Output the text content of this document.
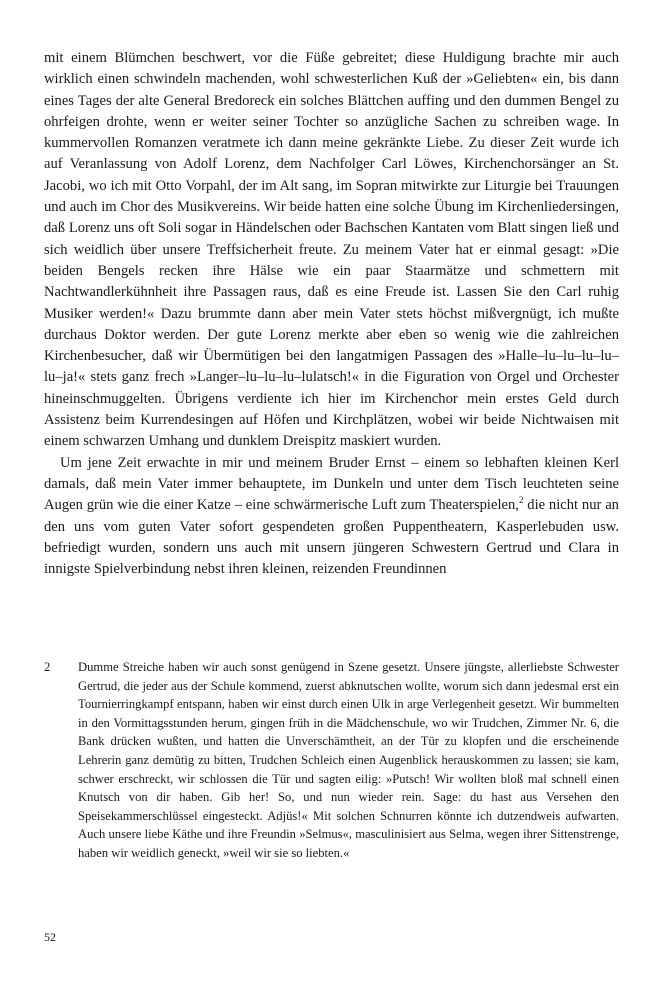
mit einem Blümchen beschwert, vor die Füße gebreitet; diese Huldigung brachte mir auch wirklich einen schwindeln machenden, wohl schwesterlichen Kuß der »Geliebten« ein, bis dann eines Tages der alte General Bredoreck ein solches Blättchen auffing und den dummen Bengel zu ohrfeigen drohte, wenn er weiter seiner Tochter so anzügliche Sachen zu schreiben wage. In kummervollen Romanzen veratmete ich dann meine gekränkte Liebe. Zu dieser Zeit wurde ich auf Veranlassung von Adolf Lorenz, dem Nachfolger Carl Löwes, Kirchenchorsänger an St. Jacobi, wo ich mit Otto Vorpahl, der im Alt sang, im Sopran mitwirkte zur Liturgie bei Trauungen und auch im Chor des Musikvereins. Wir beide hatten eine solche Übung im Kirchenliedersingen, daß Lorenz uns oft Soli sogar in Händelschen oder Bachschen Kantaten vom Blatt singen ließ und sich weidlich über unsere Treffsicherheit freute. Zu meinem Vater hat er einmal gesagt: »Die beiden Bengels recken ihre Hälse wie ein paar Staarmätze und schmettern mit Nachtwandlerkühnheit ihre Passagen raus, daß es eine Freude ist. Lassen Sie den Carl ruhig Musiker werden!« Dazu brummte dann aber mein Vater stets höchst mißvergnügt, ich mußte durchaus Doktor werden. Der gute Lorenz merkte aber eben so wenig wie die zahlreichen Kirchenbesucher, daß wir Übermütigen bei den langatmigen Passagen des »Halle–lu–lu–lu–lu–lu–ja!« stets ganz frech »Langer–lu–lu–lu–lulatsch!« in die Figuration von Orgel und Orchester hineinschmuggelten. Übrigens verdiente ich hier im Kirchenchor mein erstes Geld durch Assistenz beim Kurrendesingen auf Höfen und Kirchplätzen, wobei wir beide Nichtwaisen mit einem schwarzen Umhang und dunklem Dreispitz maskiert wurden.

Um jene Zeit erwachte in mir und meinem Bruder Ernst – einem so lebhaften kleinen Kerl damals, daß mein Vater immer behauptete, im Dunkeln und unter dem Tisch leuchteten seine Augen grün wie die einer Katze – eine schwärmerische Luft zum Theaterspielen,$^2$ die nicht nur an den uns vom guten Vater sofort gespendeten großen Puppentheatern, Kasperlebuden usw. befriedigt wurden, sondern uns auch mit unsern jüngeren Schwestern Gertrud und Clara in innigste Spielverbindung nebst ihren kleinen, reizenden Freundinnen

2	Dumme Streiche haben wir auch sonst genügend in Szene gesetzt. Unsere jüngste, allerliebste Schwester Gertrud, die jeder aus der Schule kommend, zuerst abknutschen wollte, worum sich dann jedesmal erst ein Tournierringkampf entspann, haben wir einst durch einen Ulk in arge Verlegenheit gesetzt. Wir bummelten in den Vormittagsstunden herum, gingen früh in die Mädchenschule, wo wir Trudchen, Zimmer Nr. 6, die Bank drücken wußten, und hatten die Unverschämtheit, an der Tür zu klopfen und die erscheinende Lehrerin ganz demütig zu bitten, Trudchen Schleich einen Augenblick herauskommen zu lassen; sie kam, schwer erschreckt, wir schlossen die Tür und sagten eilig: »Putsch! Wir wollten bloß mal schnell einen Knutsch von dir haben. Gib her! So, und nun wieder rein. Sage: du hast aus Versehen den Speisekammerschlüssel eingesteckt. Adjüs!« Mit solchen Schnurren könnte ich dutzendweis aufwarten. Auch unsere liebe Käthe und ihre Freundin »Selmus«, masculinisiert aus Selma, wegen ihrer Sittenstrenge, haben wir weidlich geneckt, »weil wir sie so liebten.«
52
